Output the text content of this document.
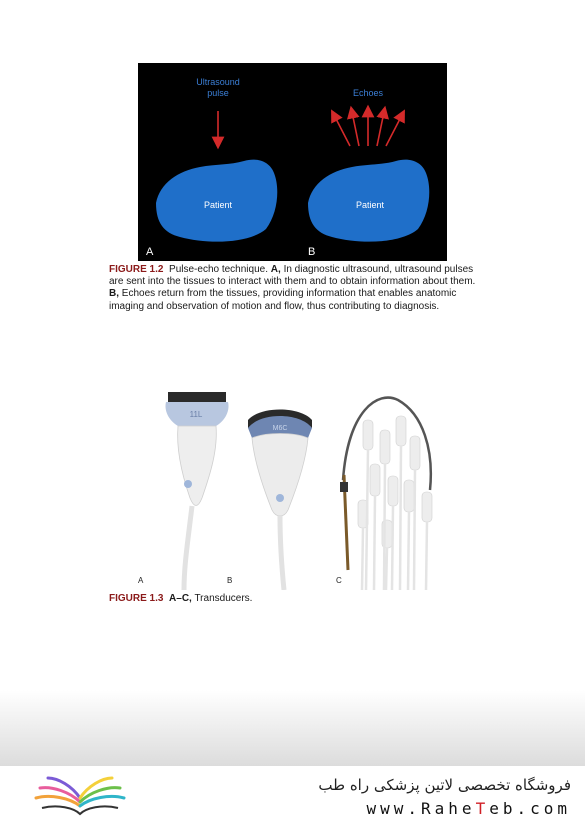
Ultrasound
pulse
Patient
A
Echoes
Patient
B
FIGURE 1.2 Pulse-echo technique. A, In diagnostic ultrasound, ultrasound pulses are sent into the tissues to interact with them and to obtain information about them. B, Echoes return from the tissues, providing information that enables anatomic imaging and observation of motion and flow, thus contributing to diagnosis.
11L
M6C
A	B	C
FIGURE 1.3 A–C, Transducers.
فروشگاه تخصصی لاتین پزشکی راه طب
www.RaheTeb.com
